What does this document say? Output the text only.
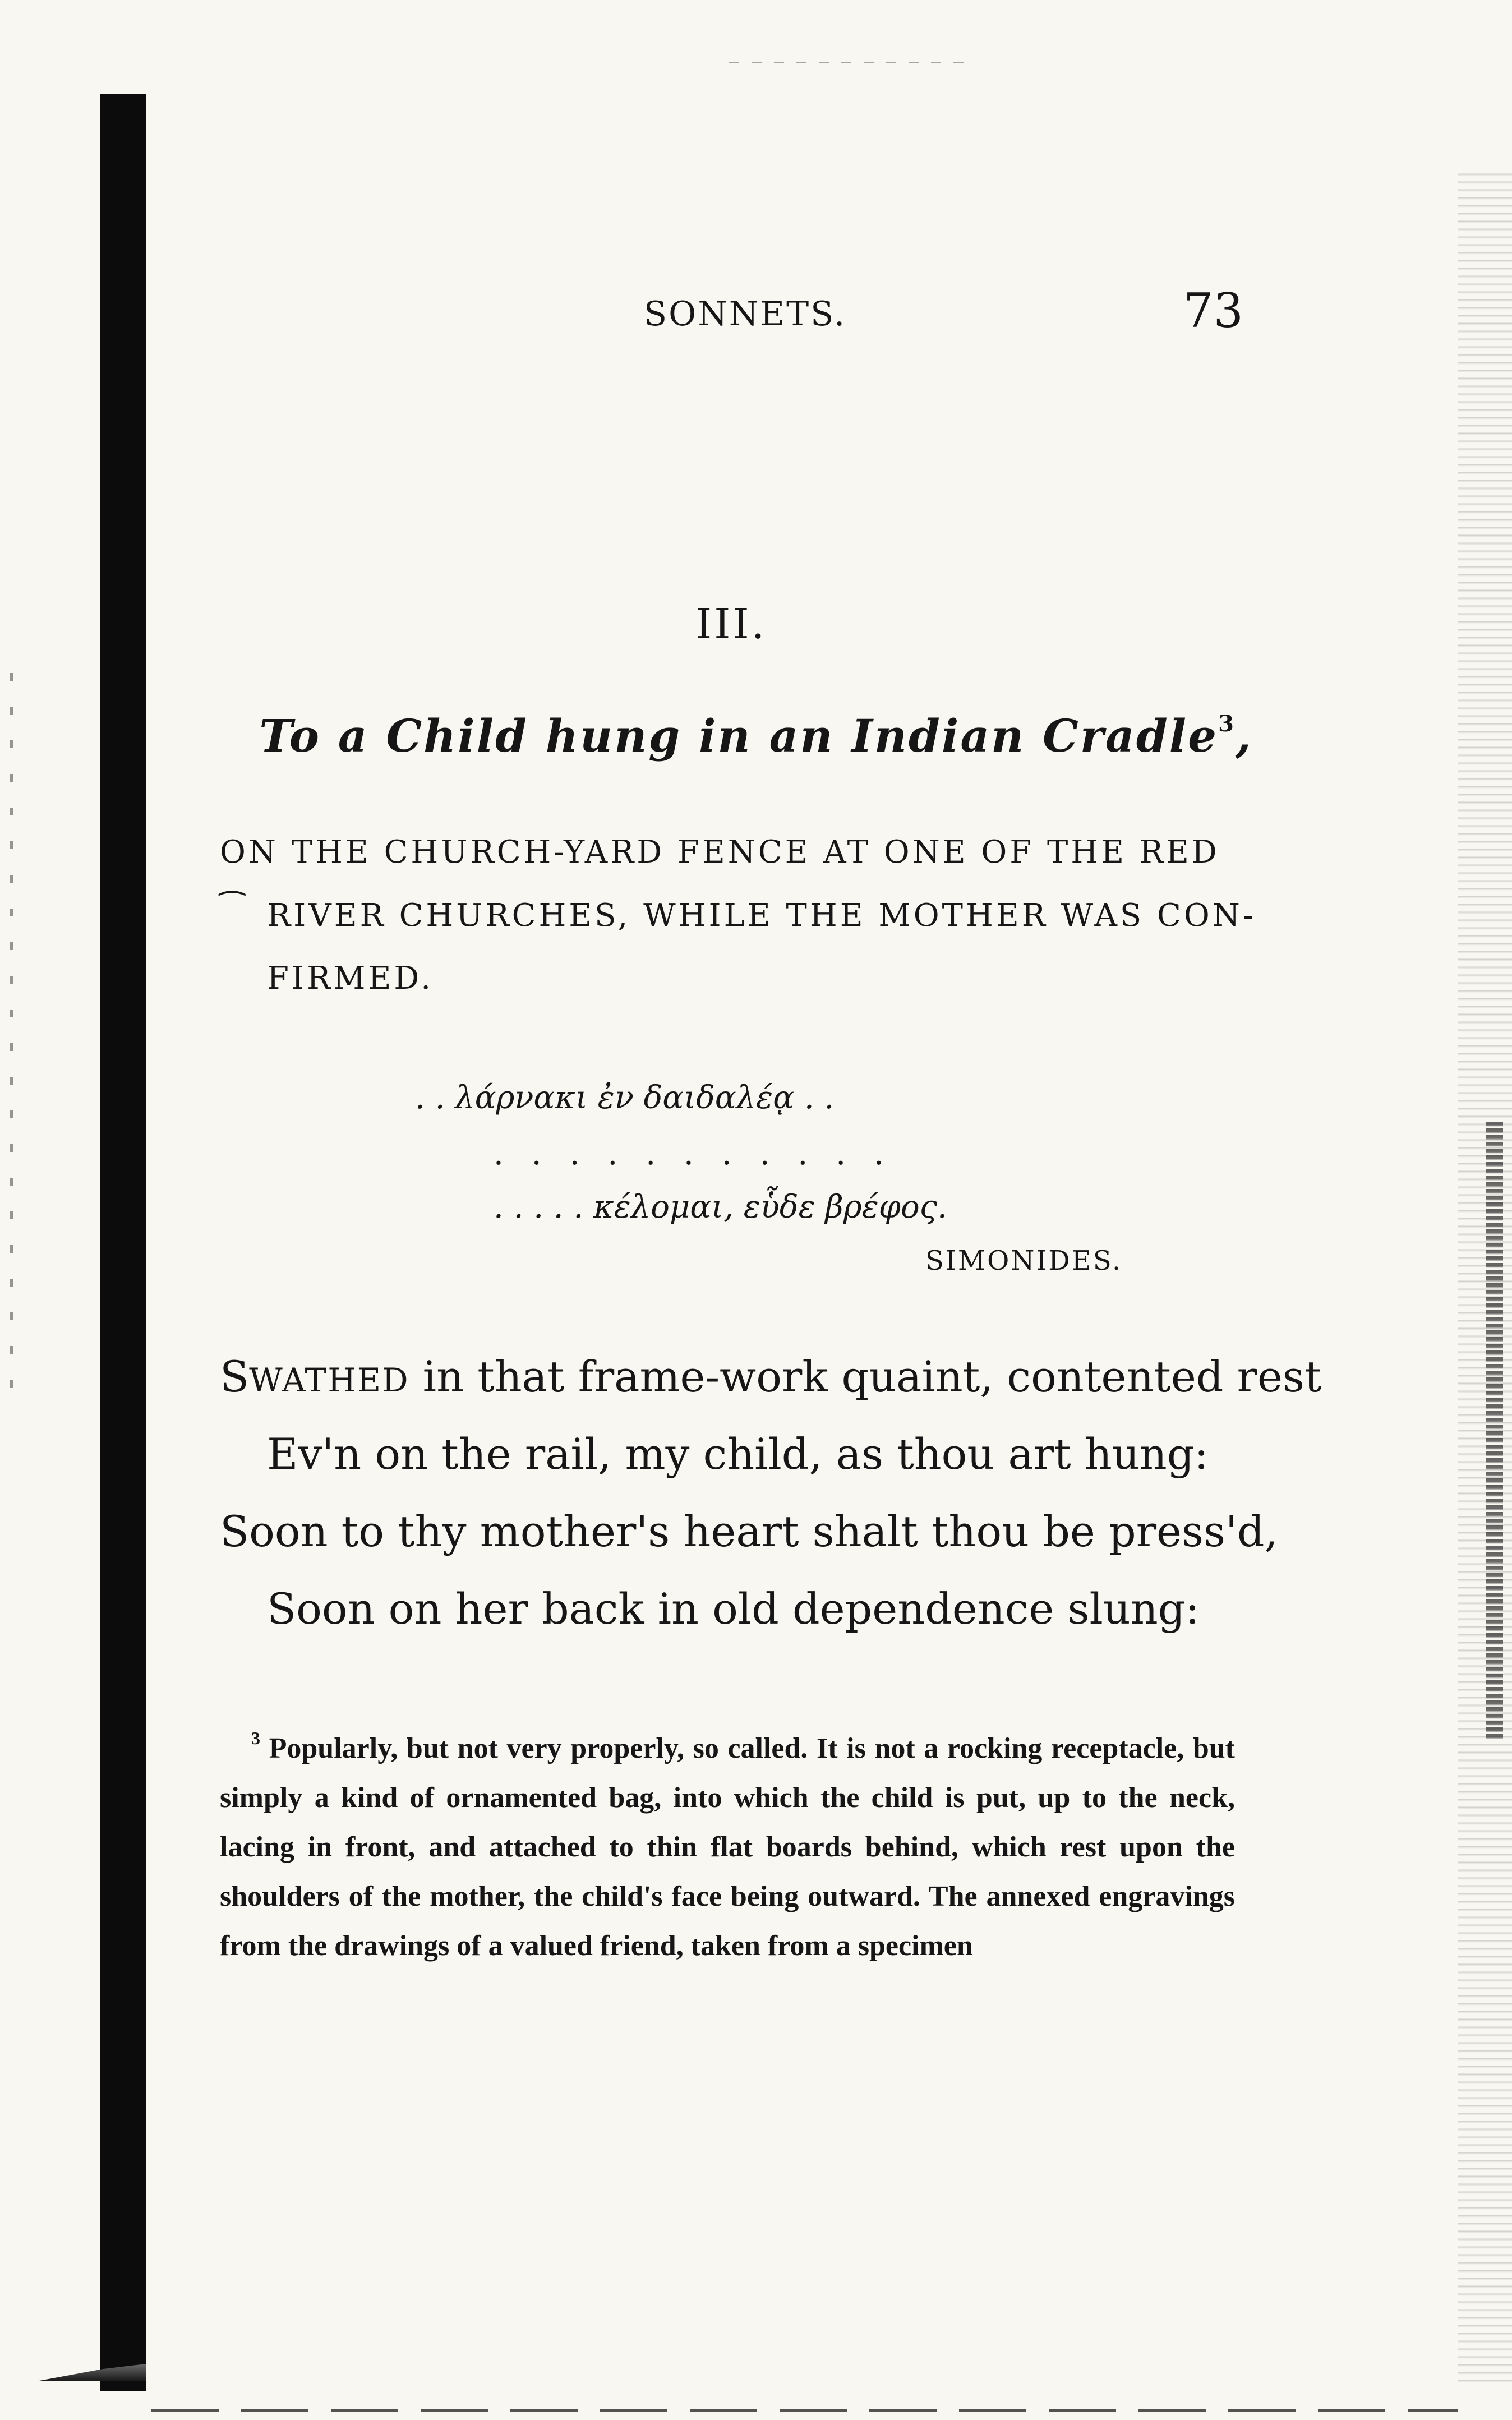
SONNETS.	73
III.
To a Child hung in an Indian Cradle$^3$,
ON THE CHURCH-YARD FENCE AT ONE OF THE RED
⁀ RIVER CHURCHES, WHILE THE MOTHER WAS CON-
FIRMED.
. . λάρνακι ἐν δαιδαλέᾳ . .
...........
. . . . . κέλομαι, εὗδε βρέφος.
SIMONIDES.
SWATHED in that frame-work quaint, contented rest
Ev'n on the rail, my child, as thou art hung:
Soon to thy mother's heart shalt thou be press'd,
Soon on her back in old dependence slung:
$^3$ Popularly, but not very properly, so called. It is not a rocking receptacle, but simply a kind of ornamented bag, into which the child is put, up to the neck, lacing in front, and attached to thin flat boards behind, which rest upon the shoulders of the mother, the child's face being outward. The annexed engravings from the drawings of a valued friend, taken from a specimen
